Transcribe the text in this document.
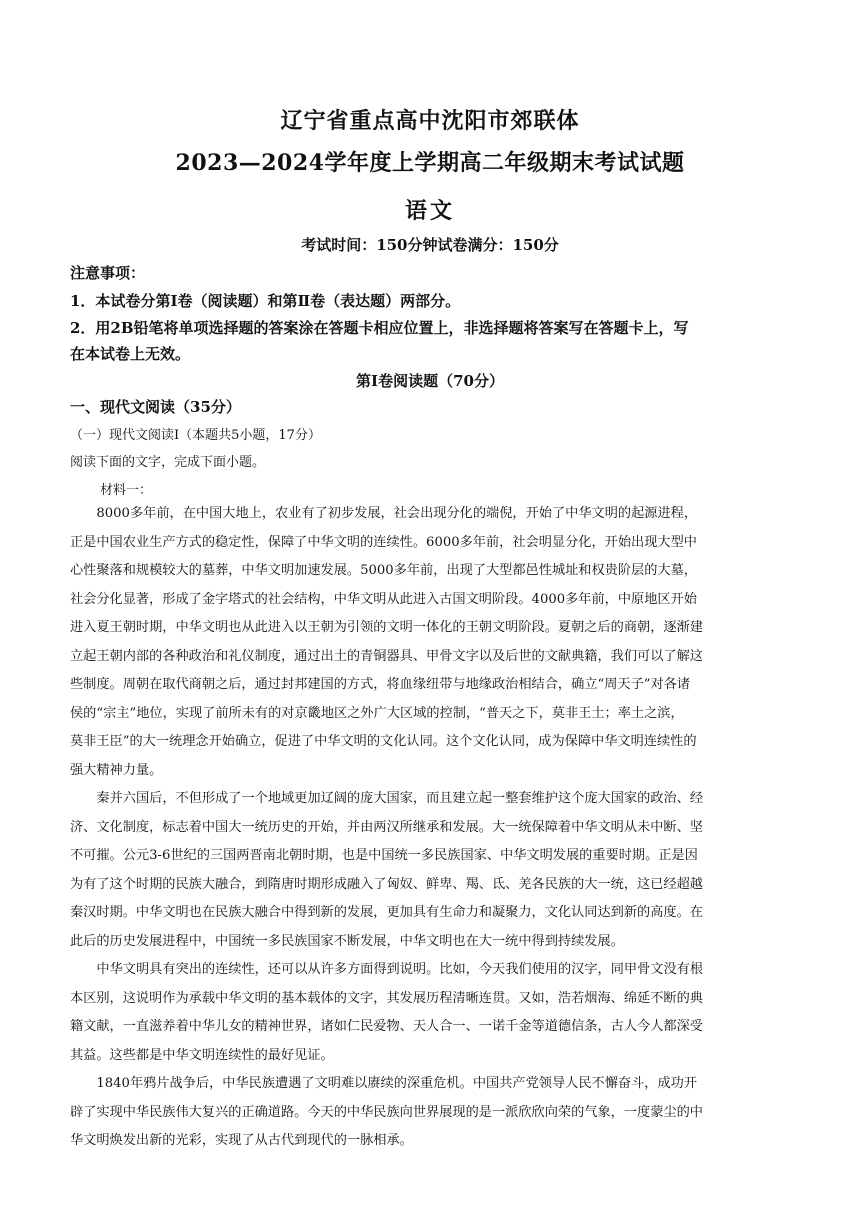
辽宁省重点高中沈阳市郊联体
2023—2024学年度上学期高二年级期末考试试题
语文
考试时间：150分钟试卷满分：150分
注意事项：
1．本试卷分第Ⅰ卷（阅读题）和第Ⅱ卷（表达题）两部分。
2．用2B铅笔将单项选择题的答案涂在答题卡相应位置上，非选择题将答案写在答题卡上，写
在本试卷上无效。
第Ⅰ卷阅读题（70分）
一、现代文阅读（35分）
（一）现代文阅读Ⅰ（本题共5小题，17分）
阅读下面的文字，完成下面小题。
材料一：
8000多年前，在中国大地上，农业有了初步发展，社会出现分化的端倪，开始了中华文明的起源进程，
正是中国农业生产方式的稳定性，保障了中华文明的连续性。6000多年前，社会明显分化，开始出现大型中
心性聚落和规模较大的墓葬，中华文明加速发展。5000多年前，出现了大型都邑性城址和权贵阶层的大墓，
社会分化显著，形成了金字塔式的社会结构，中华文明从此进入古国文明阶段。4000多年前，中原地区开始
进入夏王朝时期，中华文明也从此进入以王朝为引领的文明一体化的王朝文明阶段。夏朝之后的商朝，逐渐建
立起王朝内部的各种政治和礼仪制度，通过出土的青铜器具、甲骨文字以及后世的文献典籍，我们可以了解这
些制度。周朝在取代商朝之后，通过封邦建国的方式，将血缘纽带与地缘政治相结合，确立“周天子”对各诸
侯的“宗主”地位，实现了前所未有的对京畿地区之外广大区域的控制，“普天之下，莫非王土；率土之滨，
莫非王臣”的大一统理念开始确立，促进了中华文明的文化认同。这个文化认同，成为保障中华文明连续性的
强大精神力量。
秦并六国后，不但形成了一个地域更加辽阔的庞大国家，而且建立起一整套维护这个庞大国家的政治、经
济、文化制度，标志着中国大一统历史的开始，并由两汉所继承和发展。大一统保障着中华文明从未中断、坚
不可摧。公元3-6世纪的三国两晋南北朝时期，也是中国统一多民族国家、中华文明发展的重要时期。正是因
为有了这个时期的民族大融合，到隋唐时期形成融入了匈奴、鲜卑、羯、氐、羌各民族的大一统，这已经超越
秦汉时期。中华文明也在民族大融合中得到新的发展，更加具有生命力和凝聚力，文化认同达到新的高度。在
此后的历史发展进程中，中国统一多民族国家不断发展，中华文明也在大一统中得到持续发展。
中华文明具有突出的连续性，还可以从许多方面得到说明。比如，今天我们使用的汉字，同甲骨文没有根
本区别，这说明作为承载中华文明的基本载体的文字，其发展历程清晰连贯。又如，浩若烟海、绵延不断的典
籍文献，一直滋养着中华儿女的精神世界，诸如仁民爱物、天人合一、一诺千金等道德信条，古人今人都深受
其益。这些都是中华文明连续性的最好见证。
1840年鸦片战争后，中华民族遭遇了文明难以赓续的深重危机。中国共产党领导人民不懈奋斗，成功开
辟了实现中华民族伟大复兴的正确道路。今天的中华民族向世界展现的是一派欣欣向荣的气象，一度蒙尘的中
华文明焕发出新的光彩，实现了从古代到现代的一脉相承。
